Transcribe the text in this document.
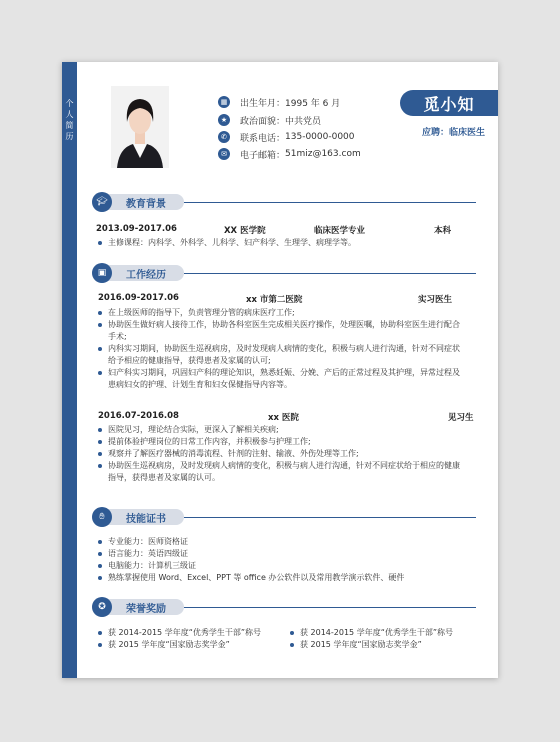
个人简历
▦ 出生年月： 1995 年 6 月
★	政治面貌： 中共党员
✆	联系电话： 135-0000-0000
✉	电子邮箱： 51miz@163.com
觅小知
应聘：临床医生
🎓︎	教育背景
2013.09-2017.06	XX 医学院	临床医学专业	本科
主修课程：内科学、外科学、儿科学、妇产科学、生理学、病理学等。
▣	工作经历
2016.09-2017.06	xx 市第二医院	实习医生
在上级医师的指导下，负责管理分管的病床医疗工作;
协助医生做好病人接待工作，协助各科室医生完成相关医疗操作，处理医嘱，协助科室医生进行配合手术;
内科实习期间，协助医生巡视病房，及时发现病人病情的变化，积极与病人进行沟通，针对不同症状给予相应的健康指导，获得患者及家属的认可;
妇产科实习期间，巩固妇产科的理论知识，熟悉妊娠、分娩、产后的正常过程及其护理，异常过程及患病妇女的护理、计划生育和妇女保健指导内容等。
2016.07-2016.08	xx 医院	见习生
医院见习，理论结合实际，更深入了解相关疾病;
提前体验护理岗位的日常工作内容，并积极参与护理工作;
观察并了解医疗器械的消毒流程、针剂的注射、输液、外伤处理等工作;
协助医生巡视病房，及时发现病人病情的变化，积极与病人进行沟通，针对不同症状给于相应的健康指导，获得患者及家属的认可。
✋︎	技能证书
专业能力：医师资格证
语言能力：英语四级证
电脑能力：计算机三级证
熟练掌握使用 Word、Excel、PPT 等 office 办公软件以及常用教学演示软件、硬件
✪	荣誉奖励
获 2014-2015 学年度“优秀学生干部”称号
获 2015 学年度“国家励志奖学金”
获 2014-2015 学年度“优秀学生干部”称号
获 2015 学年度“国家励志奖学金”
